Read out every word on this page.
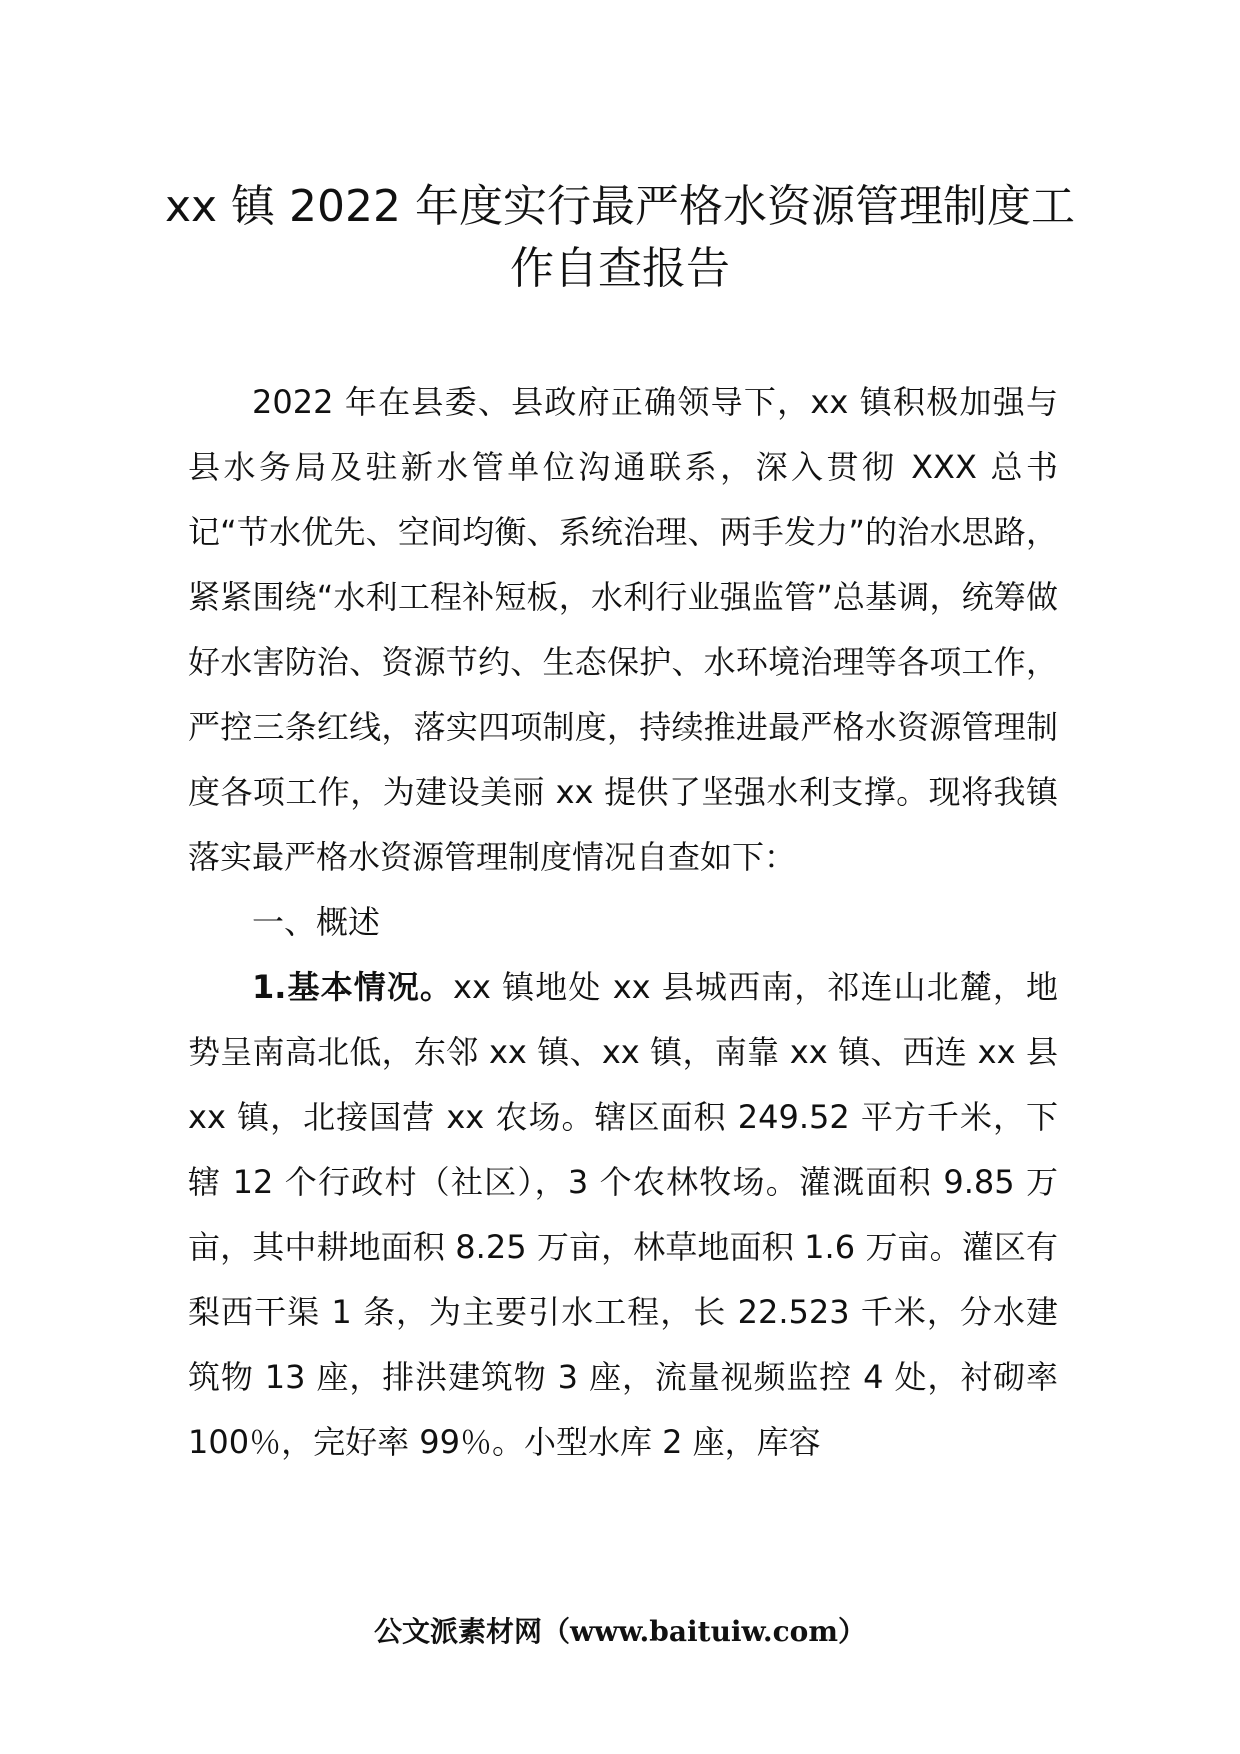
xx 镇 2022 年度实行最严格水资源管理制度工作自查报告

2022 年在县委、县政府正确领导下，xx 镇积极加强与县水务局及驻新水管单位沟通联系，深入贯彻 XXX 总书记“节水优先、空间均衡、系统治理、两手发力”的治水思路，紧紧围绕“水利工程补短板，水利行业强监管”总基调，统筹做好水害防治、资源节约、生态保护、水环境治理等各项工作，严控三条红线，落实四项制度，持续推进最严格水资源管理制度各项工作，为建设美丽 xx 提供了坚强水利支撑。现将我镇落实最严格水资源管理制度情况自查如下：

一、概述

1.基本情况。xx 镇地处 xx 县城西南，祁连山北麓，地势呈南高北低，东邻 xx 镇、xx 镇，南靠 xx 镇、西连 xx 县 xx 镇，北接国营 xx 农场。辖区面积 249.52 平方千米，下辖 12 个行政村（社区），3 个农林牧场。灌溉面积 9.85 万亩，其中耕地面积 8.25 万亩，林草地面积 1.6 万亩。灌区有梨西干渠 1 条，为主要引水工程，长 22.523 千米，分水建筑物 13 座，排洪建筑物 3 座，流量视频监控 4 处，衬砌率 100％，完好率 99％。小型水库 2 座，库容

公文派素材网（www.baituiw.com）
